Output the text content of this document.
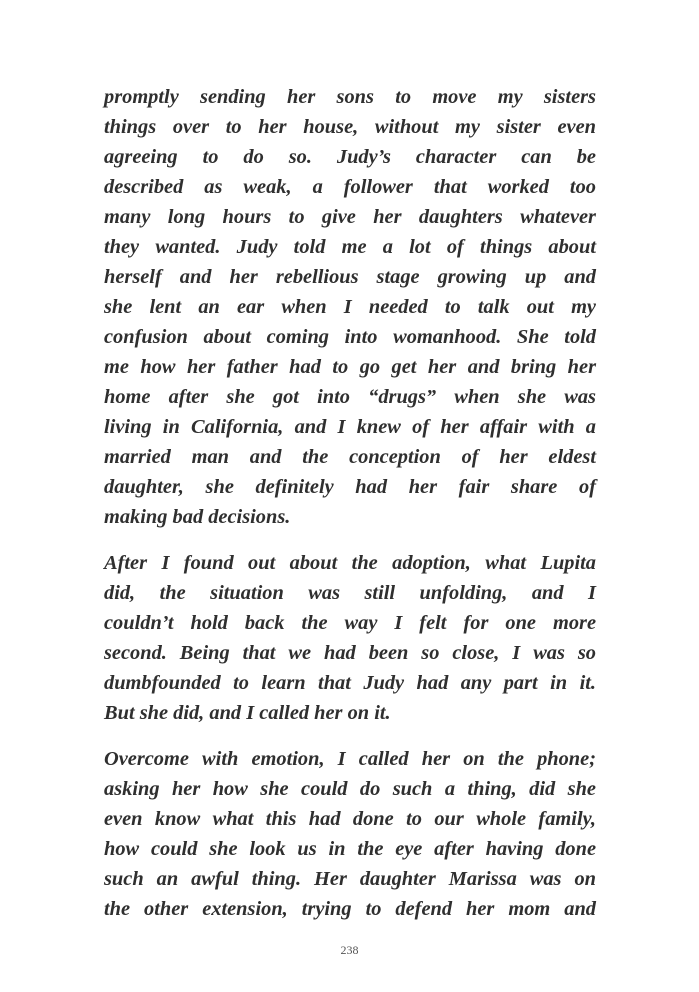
promptly sending her sons to move my sisters
things over to her house, without my sister even
agreeing to do so. Judy’s character can be
described as weak, a follower that worked too
many long hours to give her daughters whatever
they wanted. Judy told me a lot of things about
herself and her rebellious stage growing up and
she lent an ear when I needed to talk out my
confusion about coming into womanhood. She told
me how her father had to go get her and bring her
home after she got into “drugs” when she was
living in California, and I knew of her affair with a
married man and the conception of her eldest
daughter, she definitely had her fair share of
making bad decisions.
After I found out about the adoption, what Lupita
did, the situation was still unfolding, and I
couldn’t hold back the way I felt for one more
second. Being that we had been so close, I was so
dumbfounded to learn that Judy had any part in it.
But she did, and I called her on it.
Overcome with emotion, I called her on the phone;
asking her how she could do such a thing, did she
even know what this had done to our whole family,
how could she look us in the eye after having done
such an awful thing. Her daughter Marissa was on
the other extension, trying to defend her mom and
238
